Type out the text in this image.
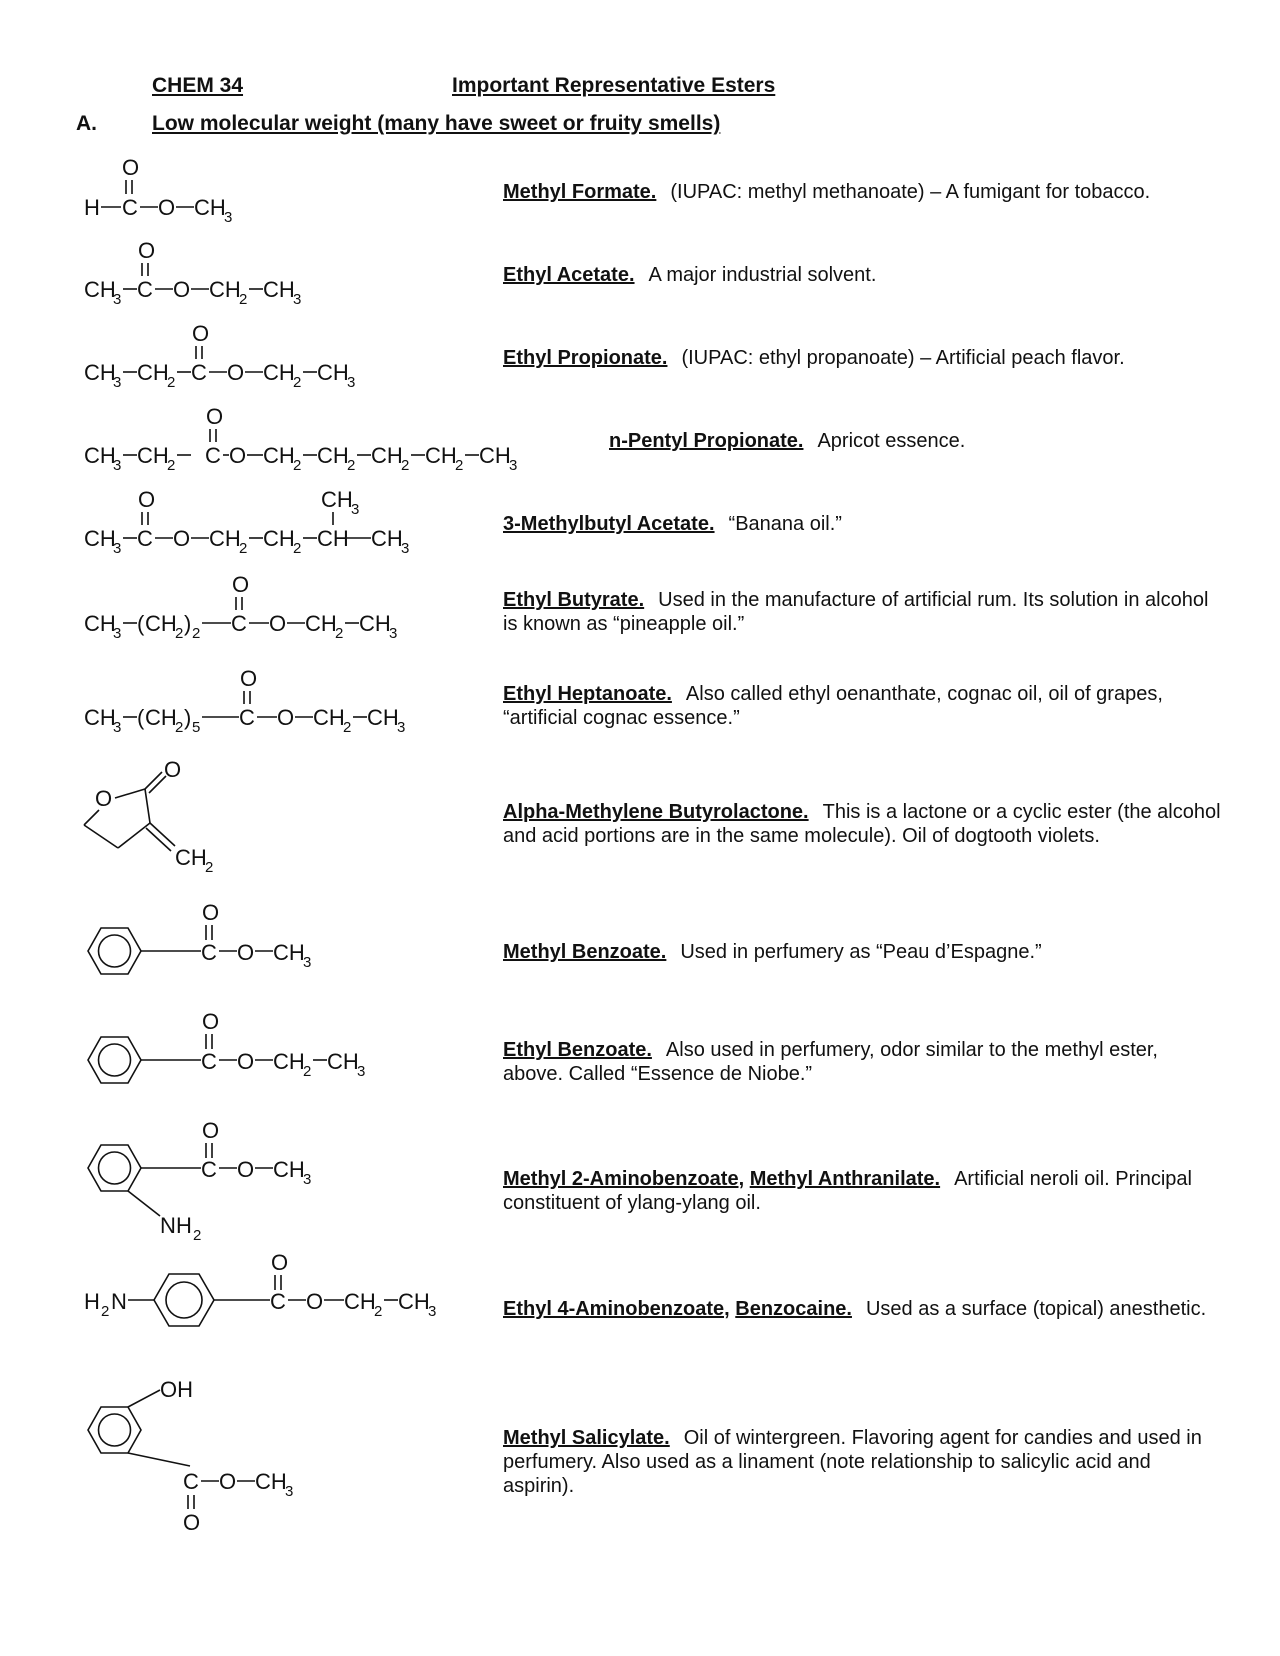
CHEM 34	Important Representative Esters
A.	Low molecular weight (many have sweet or fruity smells)
Methyl Formate. (IUPAC: methyl methanoate) – A fumigant for tobacco.
Ethyl Acetate. A major industrial solvent.
Ethyl Propionate. (IUPAC: ethyl propanoate) – Artificial peach flavor.
n-Pentyl Propionate. Apricot essence.
3-Methylbutyl Acetate. “Banana oil.”
Ethyl Butyrate. Used in the manufacture of artificial rum. Its solution in alcohol is known as “pineapple oil.”
Ethyl Heptanoate. Also called ethyl oenanthate, cognac oil, oil of grapes, “artificial cognac essence.”
Alpha-Methylene Butyrolactone. This is a lactone or a cyclic ester (the alcohol and acid portions are in the same molecule). Oil of dogtooth violets.
Methyl Benzoate. Used in perfumery as “Peau d’Espagne.”
Ethyl Benzoate. Also used in perfumery, odor similar to the methyl ester, above. Called “Essence de Niobe.”
Methyl 2-Aminobenzoate, Methyl Anthranilate. Artificial neroli oil. Principal constituent of ylang-ylang oil.
Ethyl 4-Aminobenzoate, Benzocaine. Used as a surface (topical) anesthetic.
Methyl Salicylate. Oil of wintergreen. Flavoring agent for candies and used in perfumery. Also used as a linament (note relationship to salicylic acid and aspirin).
O
H C O CH
3
O
CH
3 C O CH
2 CH
3
O
CH
3 CH
2 C O CH
2 CH
3
O
CH
3 CH
2 C O CH
2 CH
2 CH
2 CH
2 CH
3
O	CH
3
CH
3 C O CH
2 CH
2 CH CH
3
O
CH
3 ( CH
2 ) 2 C O CH
2 CH
3
O
CH
3 ( CH
2 ) 5 C O CH
2 CH
3
O
O
CH
2
O
C O CH
3
O
C O CH
2 CH
3
O
C O CH
3
N H 2
H 2 N
O
C O CH
2 CH
3
OH
C O CH
3
O
